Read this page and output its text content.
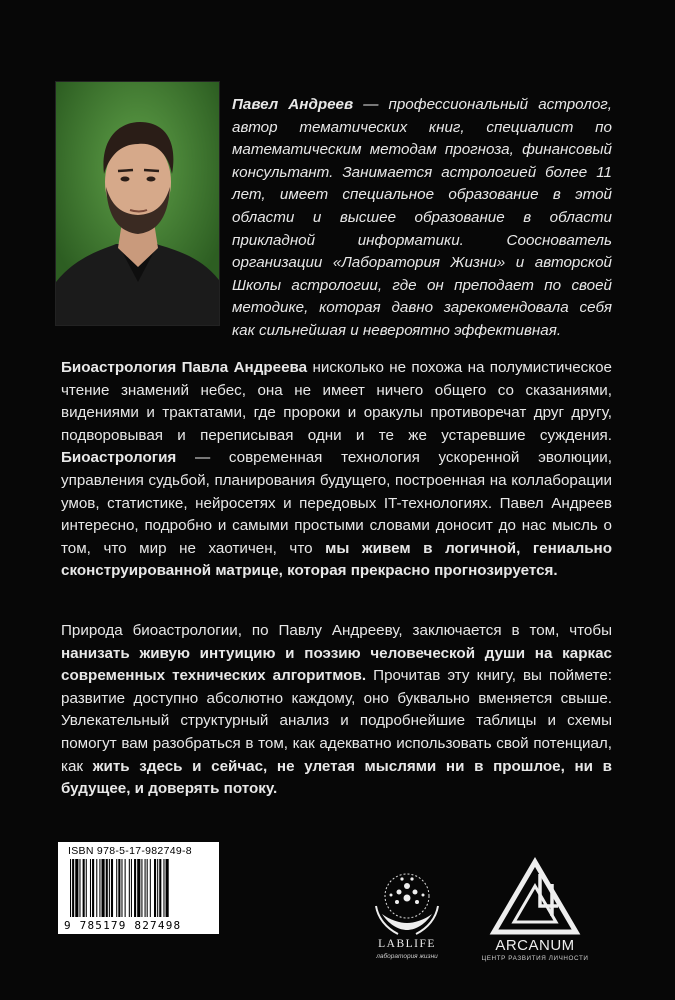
Павел Андреев — профессиональный астролог, автор тематических книг, специалист по математическим методам прогноза, финансовый консультант. Занимается астрологией более 11 лет, имеет специальное образование в этой области и высшее образование в области прикладной информатики. Сооснователь организации «Лаборатория Жизни» и авторской Школы астрологии, где он преподает по своей методике, которая давно зарекомендовала себя как сильнейшая и невероятно эффективная.
Биоастрология Павла Андреева нисколько не похожа на полумистическое чтение знамений небес, она не имеет ничего общего со сказаниями, видениями и трактатами, где пророки и оракулы противоречат друг другу, подворовывая и переписывая одни и те же устаревшие суждения. Биоастрология — современная технология ускоренной эволюции, управления судьбой, планирования будущего, построенная на коллаборации умов, статистике, нейросетях и передовых IT-технологиях. Павел Андреев интересно, подробно и самыми простыми словами доносит до нас мысль о том, что мир не хаотичен, что мы живем в логичной, гениально сконструированной матрице, которая прекрасно прогнозируется.
Природа биоастрологии, по Павлу Андрееву, заключается в том, чтобы нанизать живую интуицию и поэзию человеческой души на каркас современных технических алгоритмов. Прочитав эту книгу, вы поймете: развитие доступно абсолютно каждому, оно буквально вменяется свыше. Увлекательный структурный анализ и подробнейшие таблицы и схемы помогут вам разобраться в том, как адекватно использовать свой потенциал, как жить здесь и сейчас, не улетая мыслями ни в прошлое, ни в будущее, и доверять потоку.
ISBN 978-5-17-982749-8
9 785179 827498
LABLIFE
лаборатория жизни
ARCANUM
ЦЕНТР РАЗВИТИЯ ЛИЧНОСТИ
